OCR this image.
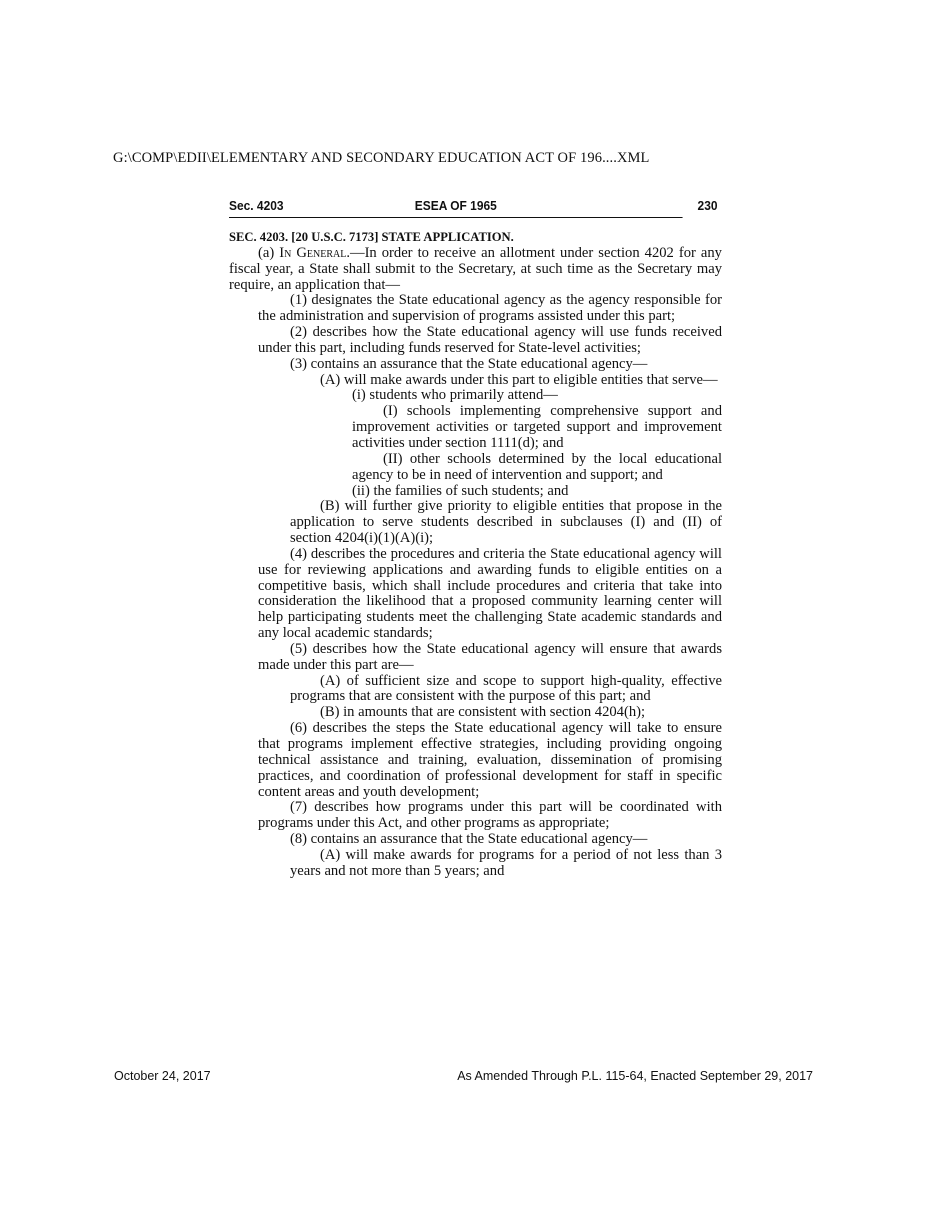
G:\COMP\EDII\ELEMENTARY AND SECONDARY EDUCATION ACT OF 196....XML
Sec. 4203	ESEA OF 1965	230

SEC. 4203. [20 U.S.C. 7173] STATE APPLICATION.

(a) In General.—In order to receive an allotment under section 4202 for any fiscal year, a State shall submit to the Secretary, at such time as the Secretary may require, an application that—

(1) designates the State educational agency as the agency responsible for the administration and supervision of programs assisted under this part;

(2) describes how the State educational agency will use funds received under this part, including funds reserved for State-level activities;

(3) contains an assurance that the State educational agency—

(A) will make awards under this part to eligible entities that serve—

(i) students who primarily attend—

(I) schools implementing comprehensive support and improvement activities or targeted support and improvement activities under section 1111(d); and

(II) other schools determined by the local educational agency to be in need of intervention and support; and

(ii) the families of such students; and

(B) will further give priority to eligible entities that propose in the application to serve students described in subclauses (I) and (II) of section 4204(i)(1)(A)(i);

(4) describes the procedures and criteria the State educational agency will use for reviewing applications and awarding funds to eligible entities on a competitive basis, which shall include procedures and criteria that take into consideration the likelihood that a proposed community learning center will help participating students meet the challenging State academic standards and any local academic standards;

(5) describes how the State educational agency will ensure that awards made under this part are—

(A) of sufficient size and scope to support high-quality, effective programs that are consistent with the purpose of this part; and

(B) in amounts that are consistent with section 4204(h);

(6) describes the steps the State educational agency will take to ensure that programs implement effective strategies, including providing ongoing technical assistance and training, evaluation, dissemination of promising practices, and coordination of professional development for staff in specific content areas and youth development;

(7) describes how programs under this part will be coordinated with programs under this Act, and other programs as appropriate;

(8) contains an assurance that the State educational agency—

(A) will make awards for programs for a period of not less than 3 years and not more than 5 years; and

October 24, 2017	As Amended Through P.L. 115-64, Enacted September 29, 2017
